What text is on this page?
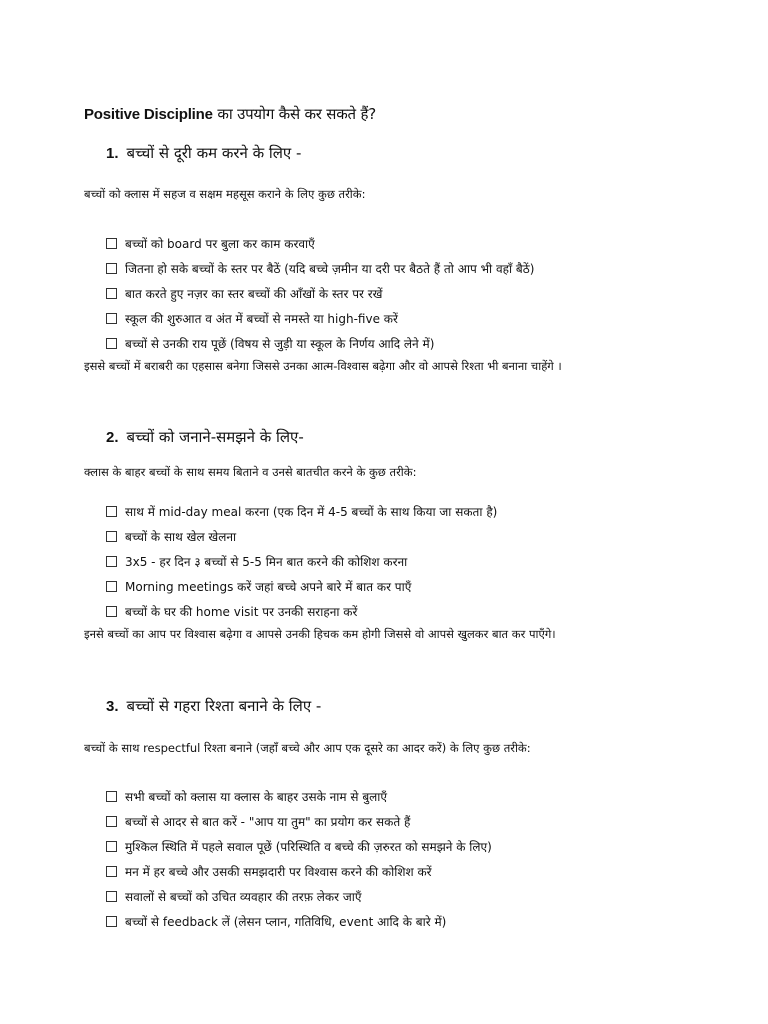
Positive Discipline का उपयोग कैसे कर सकते हैं?
1. बच्चों से दूरी कम करने के लिए -
बच्चों को क्लास में सहज व सक्षम महसूस कराने के लिए कुछ तरीके:
बच्चों को board पर बुला कर काम करवाएँ
जितना हो सके बच्चों के स्तर पर बैठें (यदि बच्चे ज़मीन या दरी पर बैठते हैं तो आप भी वहाँ बैठें)
बात करते हुए नज़र का स्तर बच्चों की आँखों के स्तर पर रखें
स्कूल की शुरुआत व अंत में बच्चों से नमस्ते या high-five करें
बच्चों से उनकी राय पूछें (विषय से जुड़ी या स्कूल के निर्णय आदि लेने में)
इससे बच्चों में बराबरी का एहसास बनेगा जिससे उनका आत्म-विश्वास बढ़ेगा और वो आपसे रिश्ता भी बनाना चाहेंगे ।
2. बच्चों को जनाने-समझने के लिए-
क्लास के बाहर बच्चों के साथ समय बिताने व उनसे बातचीत करने के कुछ तरीके:
साथ में mid-day meal करना (एक दिन में 4-5 बच्चों के साथ किया जा सकता है)
बच्चों के साथ खेल खेलना
3x5 - हर दिन ३ बच्चों से 5-5 मिन बात करने की कोशिश करना
Morning meetings करें जहां बच्चे अपने बारे में बात कर पाएँ
बच्चों के घर की home visit पर उनकी सराहना करें
इनसे बच्चों का आप पर विश्वास बढ़ेगा व आपसे उनकी हिचक कम होगी जिससे वो आपसे खुलकर बात कर पाएँगे।
3. बच्चों से गहरा रिश्ता बनाने के लिए -
बच्चों के साथ respectful रिश्ता बनाने (जहाँ बच्चे और आप एक दूसरे का आदर करें) के लिए कुछ तरीके:
सभी बच्चों को क्लास या क्लास के बाहर उसके नाम से बुलाएँ
बच्चों से आदर से बात करें - "आप या तुम" का प्रयोग कर सकते हैं
मुश्किल स्थिति में पहले सवाल पूछें (परिस्थिति व बच्चे की ज़रुरत को समझने के लिए)
मन में हर बच्चे और उसकी समझदारी पर विश्वास करने की कोशिश करें
सवालों से बच्चों को उचित व्यवहार की तरफ़ लेकर जाएँ
बच्चों से feedback लें (लेसन प्लान, गतिविधि, event आदि के बारे में)
